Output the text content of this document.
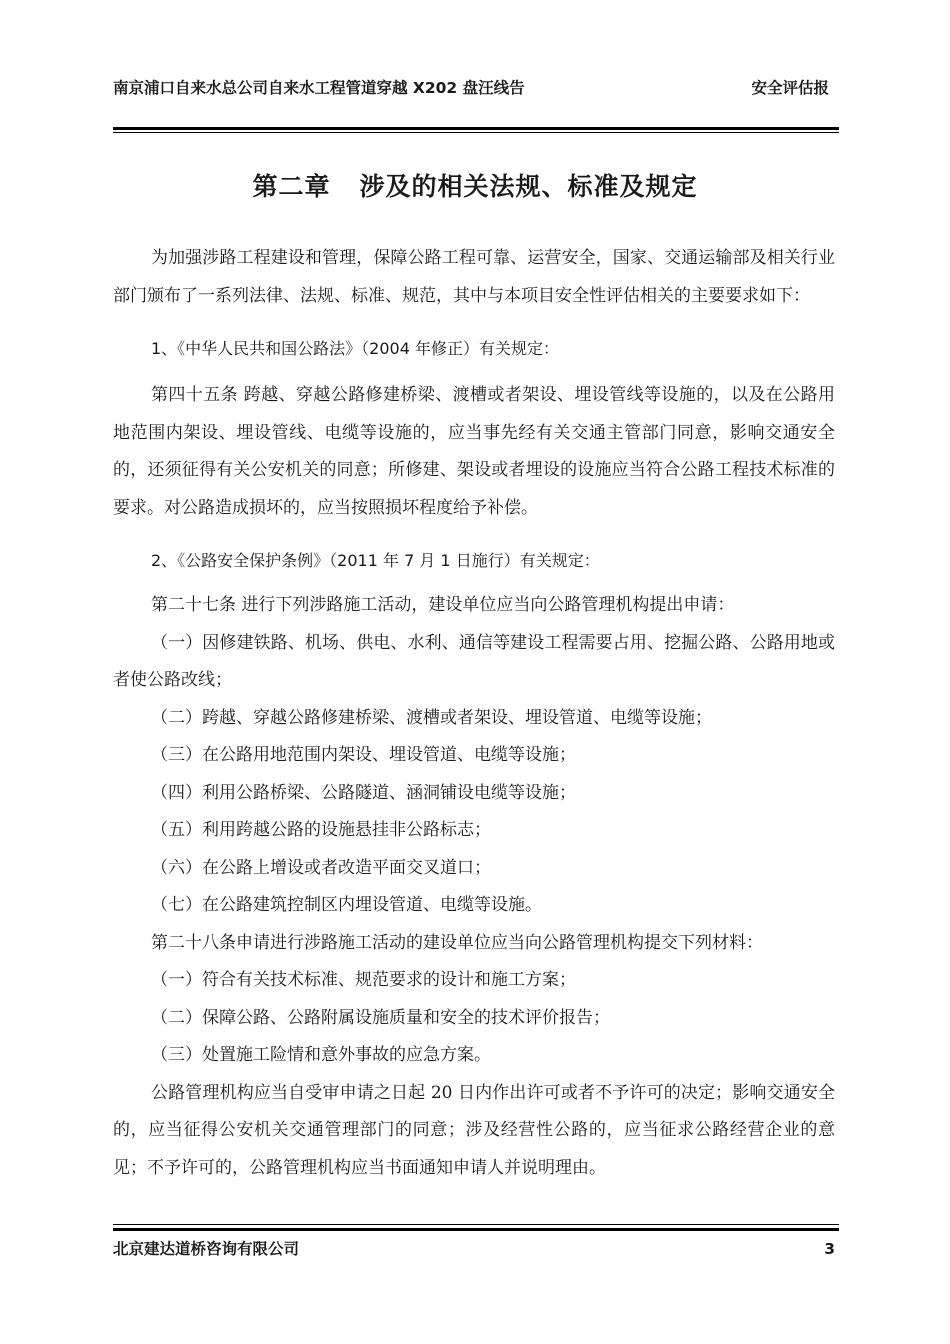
南京浦口自来水总公司自来水工程管道穿越 X202 盘汪线告	安全评估报
第二章   涉及的相关法规、标准及规定

为加强涉路工程建设和管理，保障公路工程可靠、运营安全，国家、交通运输部及相关行业部门颁布了一系列法律、法规、标准、规范，其中与本项目安全性评估相关的主要要求如下：

1、《中华人民共和国公路法》（2004 年修正）有关规定：

第四十五条 跨越、穿越公路修建桥梁、渡槽或者架设、埋设管线等设施的，以及在公路用地范围内架设、埋设管线、电缆等设施的，应当事先经有关交通主管部门同意，影响交通安全的，还须征得有关公安机关的同意；所修建、架设或者埋设的设施应当符合公路工程技术标准的要求。对公路造成损坏的，应当按照损坏程度给予补偿。

2、《公路安全保护条例》（2011 年 7 月 1 日施行）有关规定：

第二十七条 进行下列涉路施工活动，建设单位应当向公路管理机构提出申请：

（一）因修建铁路、机场、供电、水利、通信等建设工程需要占用、挖掘公路、公路用地或者使公路改线；

（二）跨越、穿越公路修建桥梁、渡槽或者架设、埋设管道、电缆等设施；

（三）在公路用地范围内架设、埋设管道、电缆等设施；

（四）利用公路桥梁、公路隧道、涵洞铺设电缆等设施；

（五）利用跨越公路的设施悬挂非公路标志；

（六）在公路上增设或者改造平面交叉道口；

（七）在公路建筑控制区内埋设管道、电缆等设施。

第二十八条申请进行涉路施工活动的建设单位应当向公路管理机构提交下列材料：

（一）符合有关技术标准、规范要求的设计和施工方案；

（二）保障公路、公路附属设施质量和安全的技术评价报告；

（三）处置施工险情和意外事故的应急方案。

公路管理机构应当自受审申请之日起 20 日内作出许可或者不予许可的决定；影响交通安全的，应当征得公安机关交通管理部门的同意；涉及经营性公路的，应当征求公路经营企业的意见；不予许可的，公路管理机构应当书面通知申请人并说明理由。

北京建达道桥咨询有限公司	3
